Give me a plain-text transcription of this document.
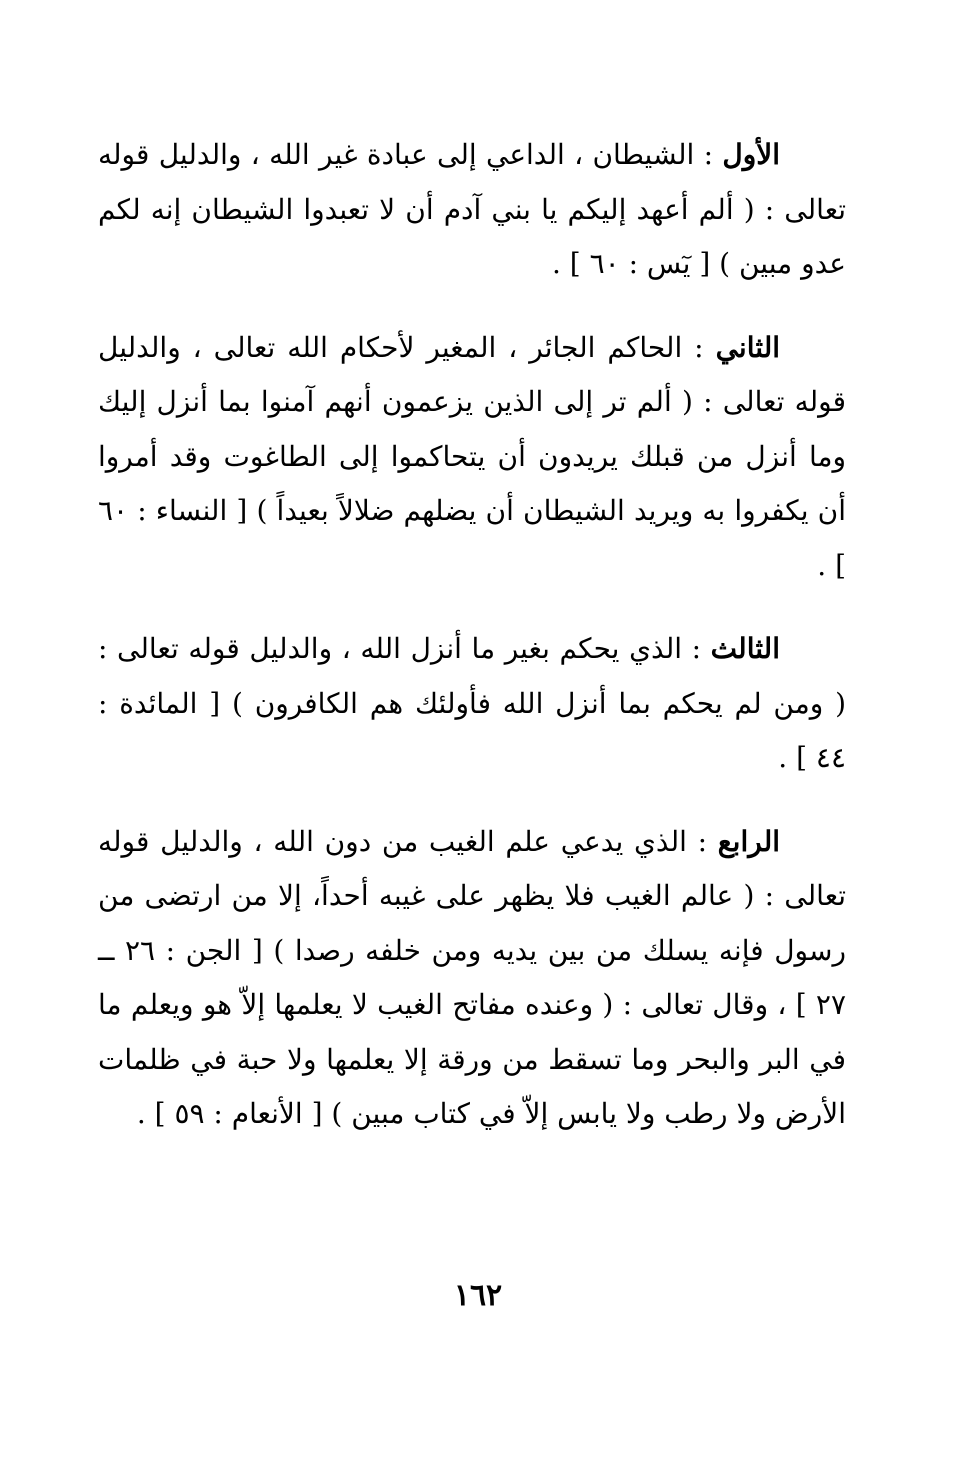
الأول : الشيطان ، الداعي إلى عبادة غير الله ، والدليل قوله تعالى : ( ألم أعهد إليكم يا بني آدم أن لا تعبدوا الشيطان إنه لكم عدو مبين ) [ يٓس : ٦٠ ] .

الثاني : الحاكم الجائر ، المغير لأحكام الله تعالى ، والدليل قوله تعالى : ( ألم تر إلى الذين يزعمون أنهم آمنوا بما أنزل إليك وما أنزل من قبلك يريدون أن يتحاكموا إلى الطاغوت وقد أمروا أن يكفروا به ويريد الشيطان أن يضلهم ضلالاً بعيداً ) [ النساء : ٦٠ ] .

الثالث : الذي يحكم بغير ما أنزل الله ، والدليل قوله تعالى : ( ومن لم يحكم بما أنزل الله فأولئك هم الكافرون ) [ المائدة : ٤٤ ] .

الرابع : الذي يدعي علم الغيب من دون الله ، والدليل قوله تعالى : ( عالم الغيب فلا يظهر على غيبه أحداً، إلا من ارتضى من رسول فإنه يسلك من بين يديه ومن خلفه رصدا ) [ الجن : ٢٦ ــ ٢٧ ] ، وقال تعالى : ( وعنده مفاتح الغيب لا يعلمها إلاّ هو ويعلم ما في البر والبحر وما تسقط من ورقة إلا يعلمها ولا حبة في ظلمات الأرض ولا رطب ولا يابس إلاّ في كتاب مبين ) [ الأنعام : ٥٩ ] .

١٦٢
